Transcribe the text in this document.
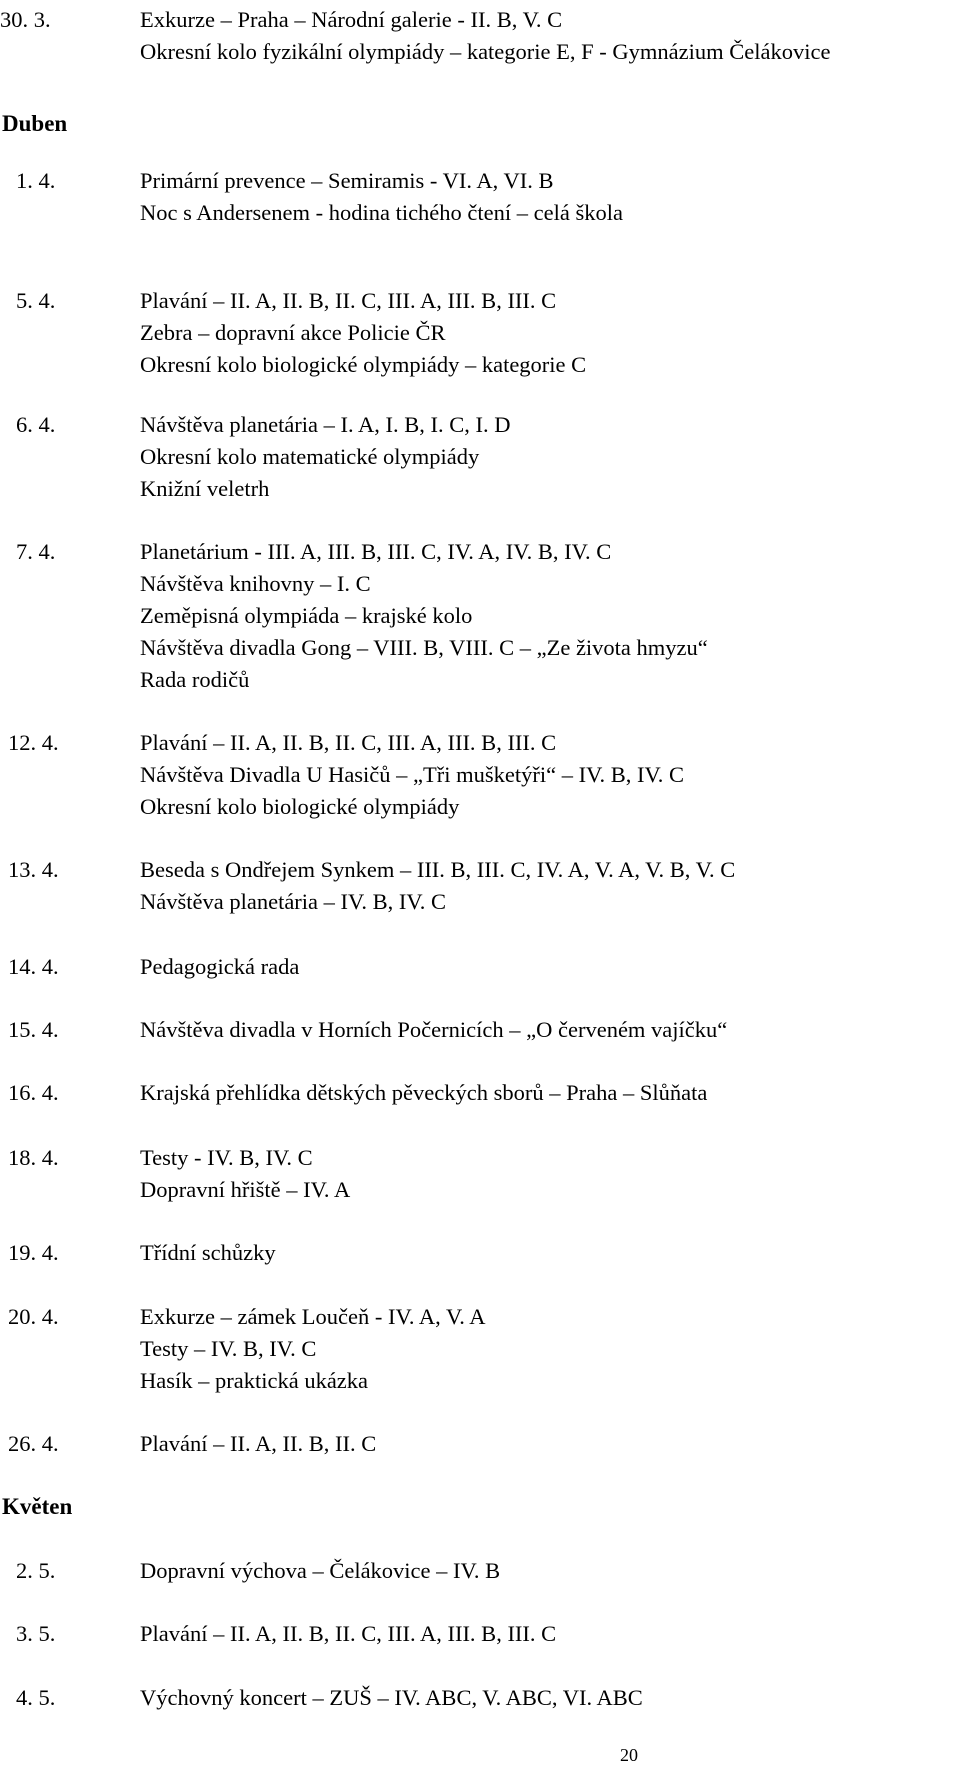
30. 3.	Exkurze – Praha – Národní galerie - II. B, V. C
Okresní kolo fyzikální olympiády – kategorie E, F - Gymnázium Čelákovice
Duben
1. 4.	Primární prevence – Semiramis - VI. A, VI. B
Noc s Andersenem - hodina tichého čtení – celá škola
5. 4.	Plavání – II. A, II. B, II. C, III. A, III. B, III. C
Zebra – dopravní akce Policie ČR
Okresní kolo biologické olympiády – kategorie C
6. 4.	Návštěva planetária – I. A, I. B, I. C, I. D
Okresní kolo matematické olympiády
Knižní veletrh
7. 4.	Planetárium - III. A, III. B, III. C, IV. A, IV. B, IV. C
Návštěva knihovny – I. C
Zeměpisná olympiáda – krajské kolo
Návštěva divadla Gong – VIII. B, VIII. C – „Ze života hmyzu“
Rada rodičů
12. 4.	Plavání – II. A, II. B, II. C, III. A, III. B, III. C
Návštěva Divadla U Hasičů – „Tři mušketýři“ – IV. B, IV. C
Okresní kolo biologické olympiády
13. 4.	Beseda s Ondřejem Synkem – III. B, III. C, IV. A, V. A, V. B, V. C
Návštěva planetária – IV. B, IV. C
14. 4.	Pedagogická rada
15. 4.	Návštěva divadla v Horních Počernicích – „O červeném vajíčku“
16. 4.	Krajská přehlídka dětských pěveckých sborů – Praha – Slůňata
18. 4.	Testy - IV. B, IV. C
Dopravní hřiště – IV. A
19. 4.	Třídní schůzky
20. 4.	Exkurze – zámek Loučeň - IV. A, V. A
Testy – IV. B, IV. C
Hasík – praktická ukázka
26. 4.	Plavání – II. A, II. B, II. C
Květen
2. 5.	Dopravní výchova – Čelákovice – IV. B
3. 5.	Plavání – II. A, II. B, II. C, III. A, III. B, III. C
4. 5.	Výchovný koncert – ZUŠ – IV. ABC, V. ABC, VI. ABC
20
